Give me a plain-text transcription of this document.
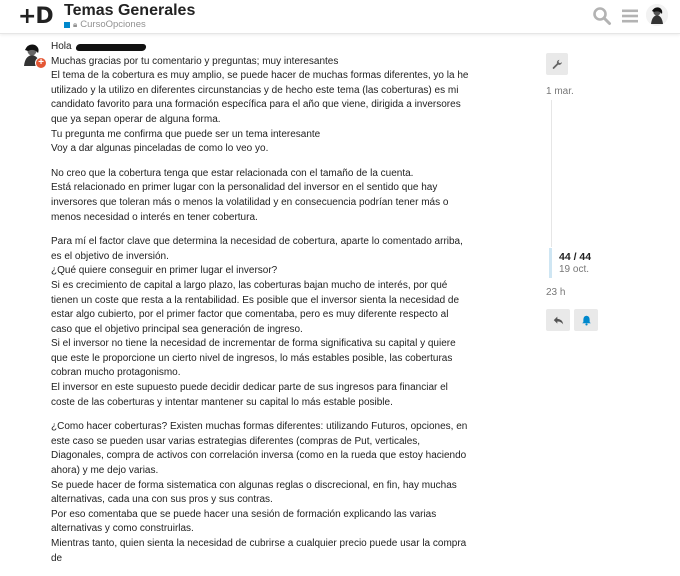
+D Temas Generales
🔒︎ CursoOpciones
+
Hola

Muchas gracias por tu comentario y preguntas; muy interesantes
El tema de la cobertura es muy amplio, se puede hacer de muchas formas diferentes, yo la he utilizado y la utilizo en diferentes circunstancias y de hecho este tema (las coberturas) es mi candidato favorito para una formación específica para el año que viene, dirigida a inversores que ya sepan operar de alguna forma.
Tu pregunta me confirma que puede ser un tema interesante
Voy a dar algunas pinceladas de como lo veo yo.

No creo que la cobertura tenga que estar relacionada con el tamaño de la cuenta.
Está relacionado en primer lugar con la personalidad del inversor en el sentido que hay inversores que toleran más o menos la volatilidad y en consecuencia podrían tener más o menos necesidad o interés en tener cobertura.

Para mí el factor clave que determina la necesidad de cobertura, aparte lo comentado arriba, es el objetivo de inversión.
¿Qué quiere conseguir en primer lugar el inversor?
Si es crecimiento de capital a largo plazo, las coberturas bajan mucho de interés, por qué tienen un coste que resta a la rentabilidad. Es posible que el inversor sienta la necesidad de estar algo cubierto, por el primer factor que comentaba, pero es muy diferente respecto al caso que el objetivo principal sea generación de ingreso.
Si el inversor no tiene la necesidad de incrementar de forma significativa su capital y quiere que este le proporcione un cierto nivel de ingresos, lo más estables posible, las coberturas cobran mucho protagonismo.
El inversor en este supuesto puede decidir dedicar parte de sus ingresos para financiar el coste de las coberturas y intentar mantener su capital lo más estable posible.

¿Como hacer coberturas? Existen muchas formas diferentes: utilizando Futuros, opciones, en este caso se pueden usar varias estrategias diferentes (compras de Put, verticales, Diagonales, compra de activos con correlación inversa (como en la rueda que estoy haciendo ahora) y me dejo varias.
Se puede hacer de forma sistematica con algunas reglas o discrecional, en fin, hay muchas alternativas, cada una con sus pros y sus contras.
Por eso comentaba que se puede hacer una sesión de formación explicando las varias alternativas y como construirlas.
Mientras tanto, quien sienta la necesidad de cubrirse a cualquier precio puede usar la compra de

1 mar.
44 / 44
19 oct.
23 h
